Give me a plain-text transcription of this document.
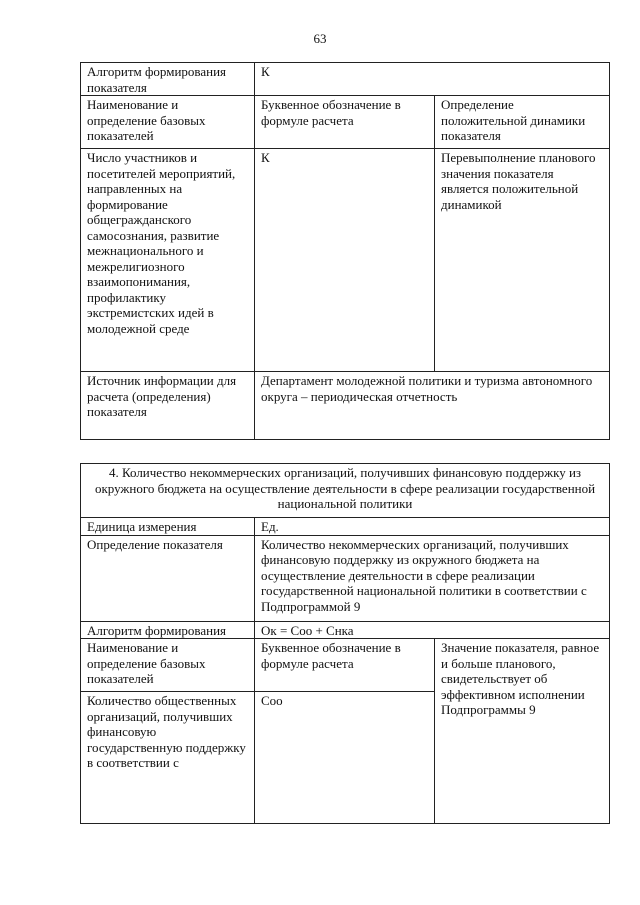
63
Алгоритм формирования показателя	К	
Наименование и определение базовых показателей	Буквенное обозначение в формуле расчета	Определение положительной динамики показателя
Число участников и посетителей мероприятий, направленных на формирование общегражданского самосознания, развитие межнационального и межрелигиозного взаимопонимания, профилактику экстремистских идей в молодежной среде	К	Перевыполнение планового значения показателя является положительной динамикой
Источник информации для расчета (определения) показателя	Департамент молодежной политики и туризма автономного округа – периодическая отчетность	
4. Количество некоммерческих организаций, получивших финансовую поддержку из окружного бюджета на осуществление деятельности в сфере реализации государственной национальной политики		
Единица измерения	Ед.	
Определение показателя	Количество некоммерческих организаций, получивших финансовую поддержку из окружного бюджета на осуществление деятельности в сфере реализации государственной национальной политики в соответствии с Подпрограммой 9	
Алгоритм формирования	Ок = Соо + Снка	
Наименование и определение базовых показателей	Буквенное обозначение в формуле расчета	Значение показателя, равное и больше планового, свидетельствует об эффективном исполнении Подпрограммы 9
Количество общественных организаций, получивших финансовую государственную поддержку в соответствии с	Соо	
